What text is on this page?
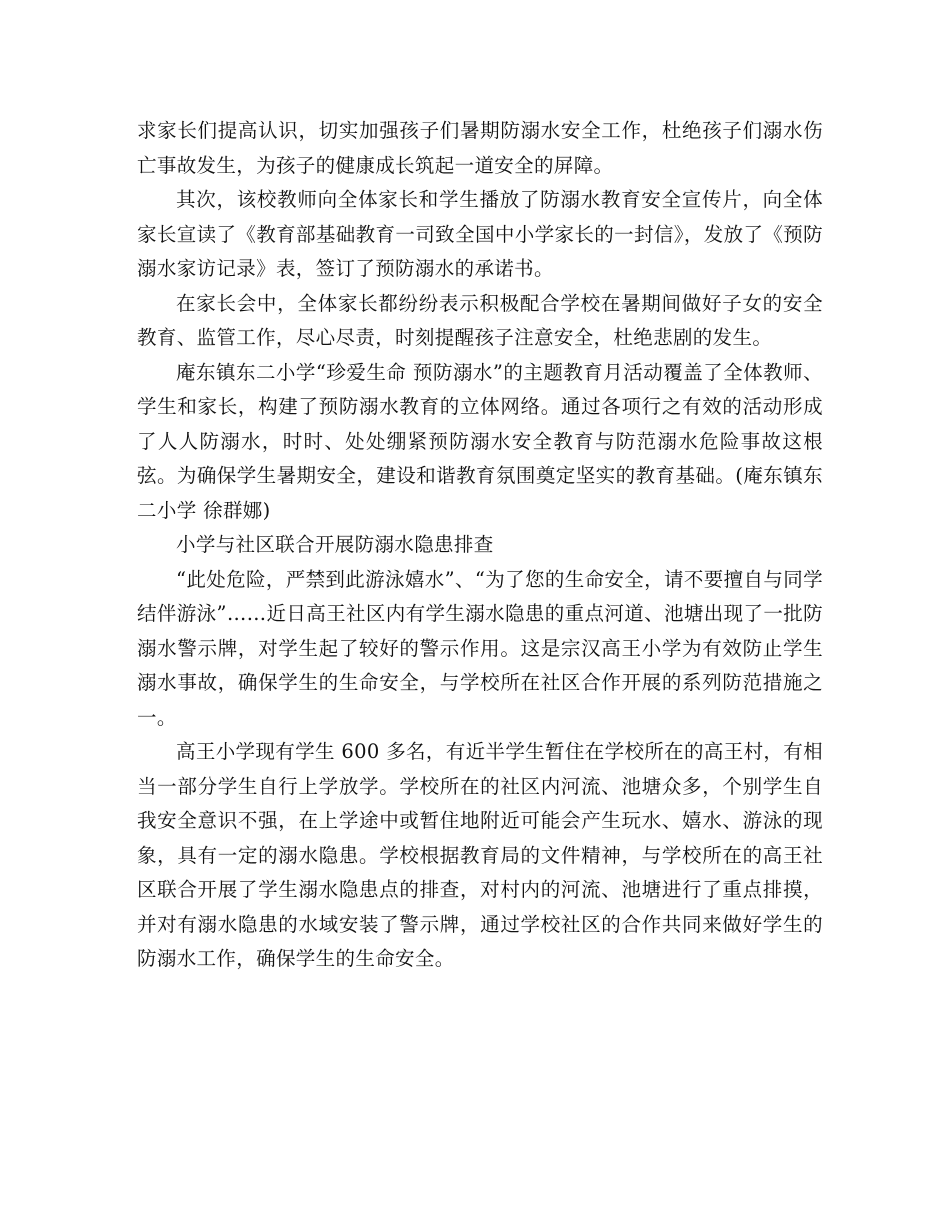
求家长们提高认识，切实加强孩子们暑期防溺水安全工作，杜绝孩子们溺水伤亡事故发生，为孩子的健康成长筑起一道安全的屏障。

其次，该校教师向全体家长和学生播放了防溺水教育安全宣传片，向全体家长宣读了《教育部基础教育一司致全国中小学家长的一封信》，发放了《预防溺水家访记录》表，签订了预防溺水的承诺书。

在家长会中，全体家长都纷纷表示积极配合学校在暑期间做好子女的安全教育、监管工作，尽心尽责，时刻提醒孩子注意安全，杜绝悲剧的发生。

庵东镇东二小学“珍爱生命 预防溺水”的主题教育月活动覆盖了全体教师、学生和家长，构建了预防溺水教育的立体网络。通过各项行之有效的活动形成了人人防溺水，时时、处处绷紧预防溺水安全教育与防范溺水危险事故这根弦。为确保学生暑期安全，建设和谐教育氛围奠定坚实的教育基础。(庵东镇东二小学 徐群娜)

小学与社区联合开展防溺水隐患排查

“此处危险，严禁到此游泳嬉水”、“为了您的生命安全，请不要擅自与同学结伴游泳”……近日高王社区内有学生溺水隐患的重点河道、池塘出现了一批防溺水警示牌，对学生起了较好的警示作用。这是宗汉高王小学为有效防止学生溺水事故，确保学生的生命安全，与学校所在社区合作开展的系列防范措施之一。

高王小学现有学生 600 多名，有近半学生暂住在学校所在的高王村，有相当一部分学生自行上学放学。学校所在的社区内河流、池塘众多，个别学生自我安全意识不强，在上学途中或暂住地附近可能会产生玩水、嬉水、游泳的现象，具有一定的溺水隐患。学校根据教育局的文件精神，与学校所在的高王社区联合开展了学生溺水隐患点的排查，对村内的河流、池塘进行了重点排摸，并对有溺水隐患的水域安装了警示牌，通过学校社区的合作共同来做好学生的防溺水工作，确保学生的生命安全。
